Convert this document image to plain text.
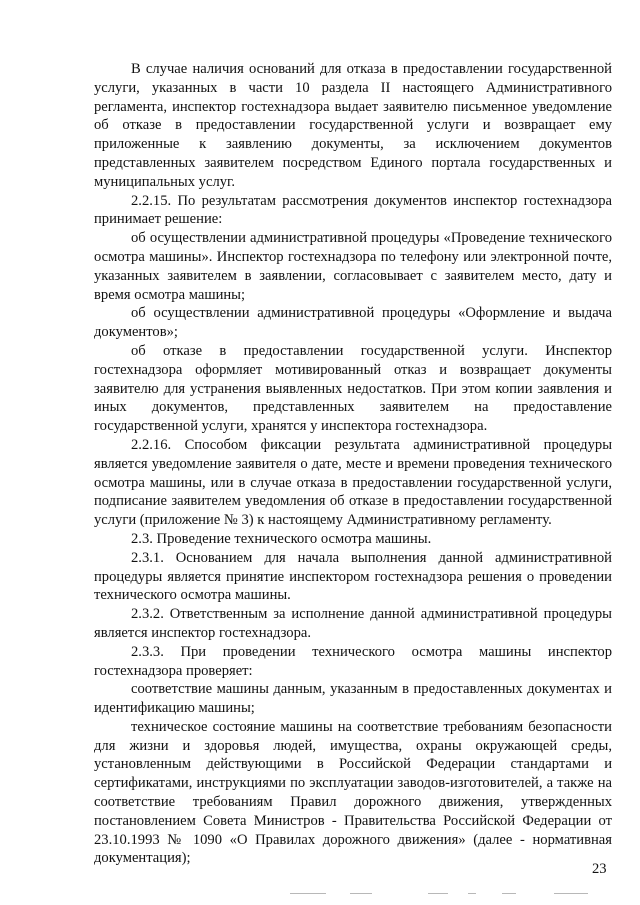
В случае наличия оснований для отказа в предоставлении государственной услуги, указанных в части 10 раздела II настоящего Административного регламента, инспектор гостехнадзора выдает заявителю письменное уведомление об отказе в предоставлении государственной услуги и возвращает ему приложенные к заявлению документы, за исключением документов представленных заявителем посредством Единого портала государственных и муниципальных услуг.

2.2.15. По результатам рассмотрения документов инспектор гостехнадзора принимает решение:

об осуществлении административной процедуры «Проведение технического осмотра машины». Инспектор гостехнадзора по телефону или электронной почте, указанных заявителем в заявлении, согласовывает с заявителем место, дату и время осмотра машины;

об осуществлении административной процедуры «Оформление и выдача документов»;

об отказе в предоставлении государственной услуги. Инспектор гостехнадзора оформляет мотивированный отказ и возвращает документы заявителю для устранения выявленных недостатков. При этом копии заявления и иных документов, представленных заявителем на предоставление государственной услуги, хранятся у инспектора гостехнадзора.

2.2.16. Способом фиксации результата административной процедуры является уведомление заявителя о дате, месте и времени проведения технического осмотра машины, или в случае отказа в предоставлении государственной услуги, подписание заявителем уведомления об отказе в предоставлении государственной услуги (приложение № 3) к настоящему Административному регламенту.

2.3. Проведение технического осмотра машины.

2.3.1. Основанием для начала выполнения данной административной процедуры является принятие инспектором гостехнадзора решения о проведении технического осмотра машины.

2.3.2. Ответственным за исполнение данной административной процедуры является инспектор гостехнадзора.

2.3.3. При проведении технического осмотра машины инспектор гостехнадзора проверяет:

соответствие машины данным, указанным в предоставленных документах и идентификацию машины;

техническое состояние машины на соответствие требованиям безопасности для жизни и здоровья людей, имущества, охраны окружающей среды, установленным действующими в Российской Федерации стандартами и сертификатами, инструкциями по эксплуатации заводов-изготовителей, а также на соответствие требованиям Правил дорожного движения, утвержденных постановлением Совета Министров - Правительства Российской Федерации от 23.10.1993 № 1090 «О Правилах дорожного движения» (далее - нормативная документация);

23
